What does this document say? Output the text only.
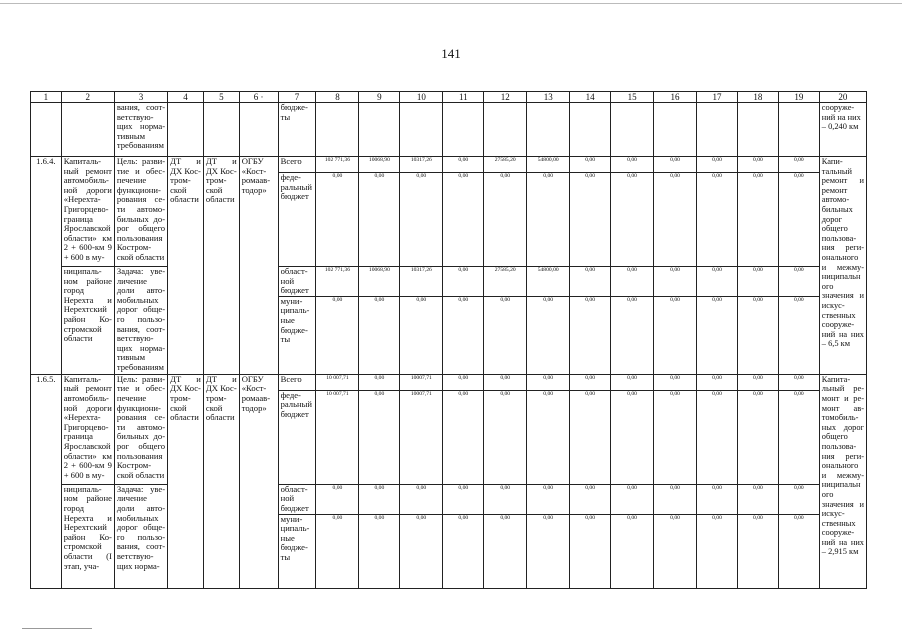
141
1	2	3	4	5	6 ·	7	8	9	10	11	12	13	14	15	16	17	18	19	20
		вания, соот-ветствую-щих норма-тивным требованиям				бюдже-ты													сооруже-ний на них – 0,240 км
1.6.4.	Капиталь-ный ремонт автомобиль-ной дороги «Нерехта-Григорцево-граница Ярославской области» км 2 + 600-км 9 + 600 в му-	Цель: разви-тие и обес-печение функциони-рования се-ти автомо-бильных до-рог общего пользования Костром-ской области	ДТ и ДХ Кос-тром-ской области	ДТ и ДХ Кос-тром-ской области	ОГБУ «Кост-ромаав-тодор»	Всего	102 771,36	10068,90	10317,26	0,00	27585,20	54800,00	0,00	0,00	0,00	0,00	0,00	0,00	Капи-тальный ремонт и ремонт автомо-бильных дорог общего пользова-ния реги-онального и межму-ниципального значения и искус-ственных сооруже-ний на них – 6,5 км
						феде-ральный бюджет	0,00	0,00	0,00	0,00	0,00	0,00	0,00	0,00	0,00	0,00	0,00	0,00	
	ниципаль-ном районе город Нерехта и Нерехтский район Ко-стромской области	Задача: уве-личение доли авто-мобильных дорог обще-го пользо-вания, соот-ветствую-щих норма-тивным требованиям				област-ной бюджет	102 771,36	10068,90	10317,26	0,00	27585,20	54800,00	0,00	0,00	0,00	0,00	0,00	0,00	
						муни-ципаль-ные бюдже-ты	0,00	0,00	0,00	0,00	0,00	0,00	0,00	0,00	0,00	0,00	0,00	0,00	
1.6.5.	Капиталь-ный ремонт автомобиль-ной дороги «Нерехта-Григорцево-граница Ярославской области» км 2 + 600-км 9 + 600 в му-	Цель: разви-тие и обес-печение функциони-рования се-ти автомо-бильных до-рог общего пользования Костром-ской области	ДТ и ДХ Кос-тром-ской области	ДТ и ДХ Кос-тром-ской области	ОГБУ «Кост-ромаав-тодор»	Всего	10 007,71	0,00	10007,71	0,00	0,00	0,00	0,00	0,00	0,00	0,00	0,00	0,00	Капита-льный ре-монт и ре-монт ав-томобиль-ных дорог общего пользова-ния реги-онального и межму-ниципального значения и искус-ственных сооруже-ний на них – 2,915 км
						феде-ральный бюджет	10 007,71	0,00	10007,71	0,00	0,00	0,00	0,00	0,00	0,00	0,00	0,00	0,00	
	ниципаль-ном районе город Нерехта и Нерехтский район Ко-стромской области (I этап, уча-	Задача: уве-личение доли авто-мобильных дорог обще-го пользо-вания, соот-ветствую-щих норма-				област-ной бюджет	0,00	0,00	0,00	0,00	0,00	0,00	0,00	0,00	0,00	0,00	0,00	0,00	
						муни-ципаль-ные бюдже-ты	0,00	0,00	0,00	0,00	0,00	0,00	0,00	0,00	0,00	0,00	0,00	0,00	
